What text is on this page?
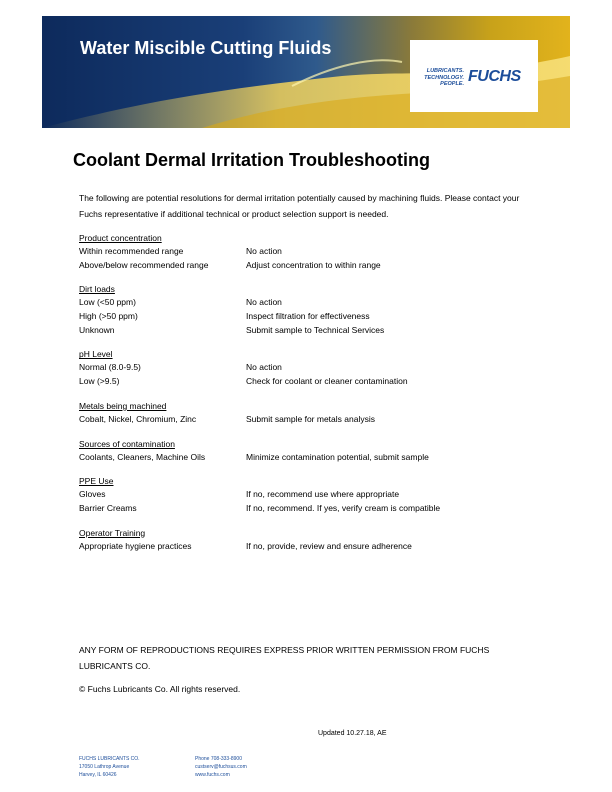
Water Miscible Cutting Fluids
LUBRICANTS.
TECHNOLOGY.
PEOPLE. FUCHS
Coolant Dermal Irritation Troubleshooting
The following are potential resolutions for dermal irritation potentially caused by machining fluids. Please contact your Fuchs representative if additional technical or product selection support is needed.
Product concentration
Within recommended range	No action
Above/below recommended range	Adjust concentration to within range
Dirt loads
Low (<50 ppm)	No action
High (>50 ppm)	Inspect filtration for effectiveness
Unknown	Submit sample to Technical Services
pH Level
Normal (8.0-9.5)	No action
Low (>9.5)	Check for coolant or cleaner contamination
Metals being machined
Cobalt, Nickel, Chromium, Zinc	Submit sample for metals analysis
Sources of contamination
Coolants, Cleaners, Machine Oils	Minimize contamination potential, submit sample
PPE Use
Gloves	If no, recommend use where appropriate
Barrier Creams	If no, recommend. If yes, verify cream is compatible
Operator Training
Appropriate hygiene practices	If no, provide, review and ensure adherence
ANY FORM OF REPRODUCTIONS REQUIRES EXPRESS PRIOR WRITTEN PERMISSION FROM FUCHS LUBRICANTS CO.
© Fuchs Lubricants Co. All rights reserved.
Updated 10.27.18, AE
FUCHS LUBRICANTS CO.
17050 Lathrop Avenue
Harvey, IL 60426
Phone 708-333-8900
custserv@fuchsus.com
www.fuchs.com
